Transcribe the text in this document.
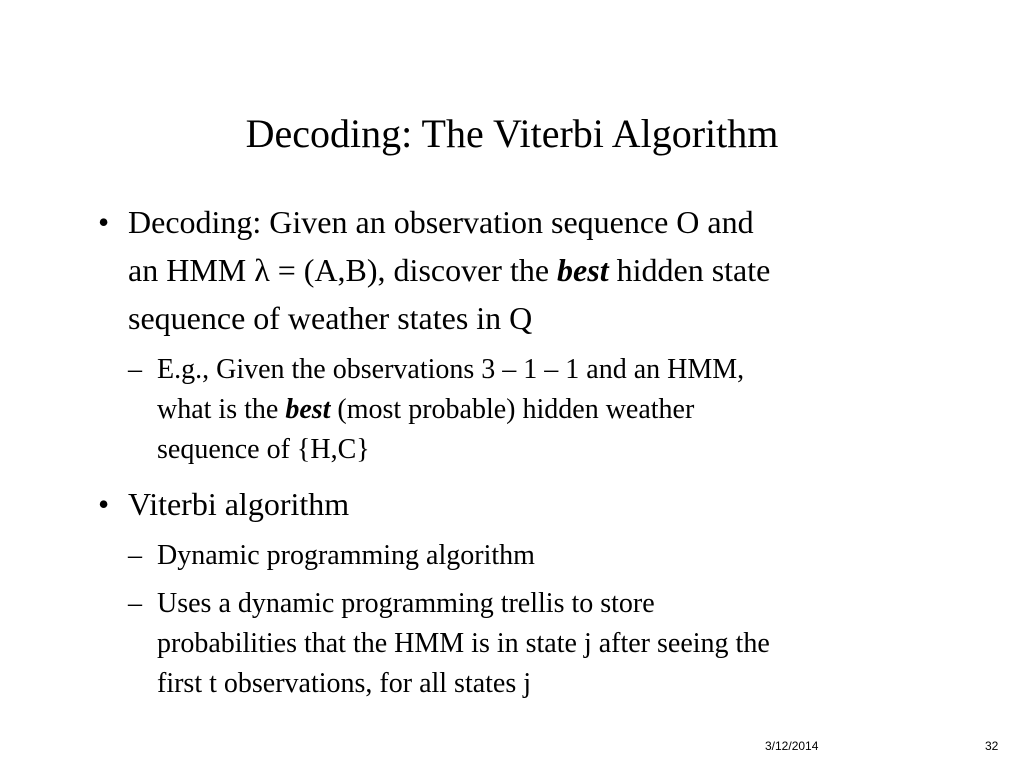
Decoding: The Viterbi Algorithm
• Decoding: Given an observation sequence O and
an HMM λ = (A,B), discover the best hidden state
sequence of weather states in Q
– E.g., Given the observations 3 – 1 – 1 and an HMM,
what is the best (most probable) hidden weather
sequence of {H,C}
• Viterbi algorithm
– Dynamic programming algorithm
– Uses a dynamic programming trellis to store
probabilities that the HMM is in state j after seeing the
first t observations, for all states j
3/12/2014	32
